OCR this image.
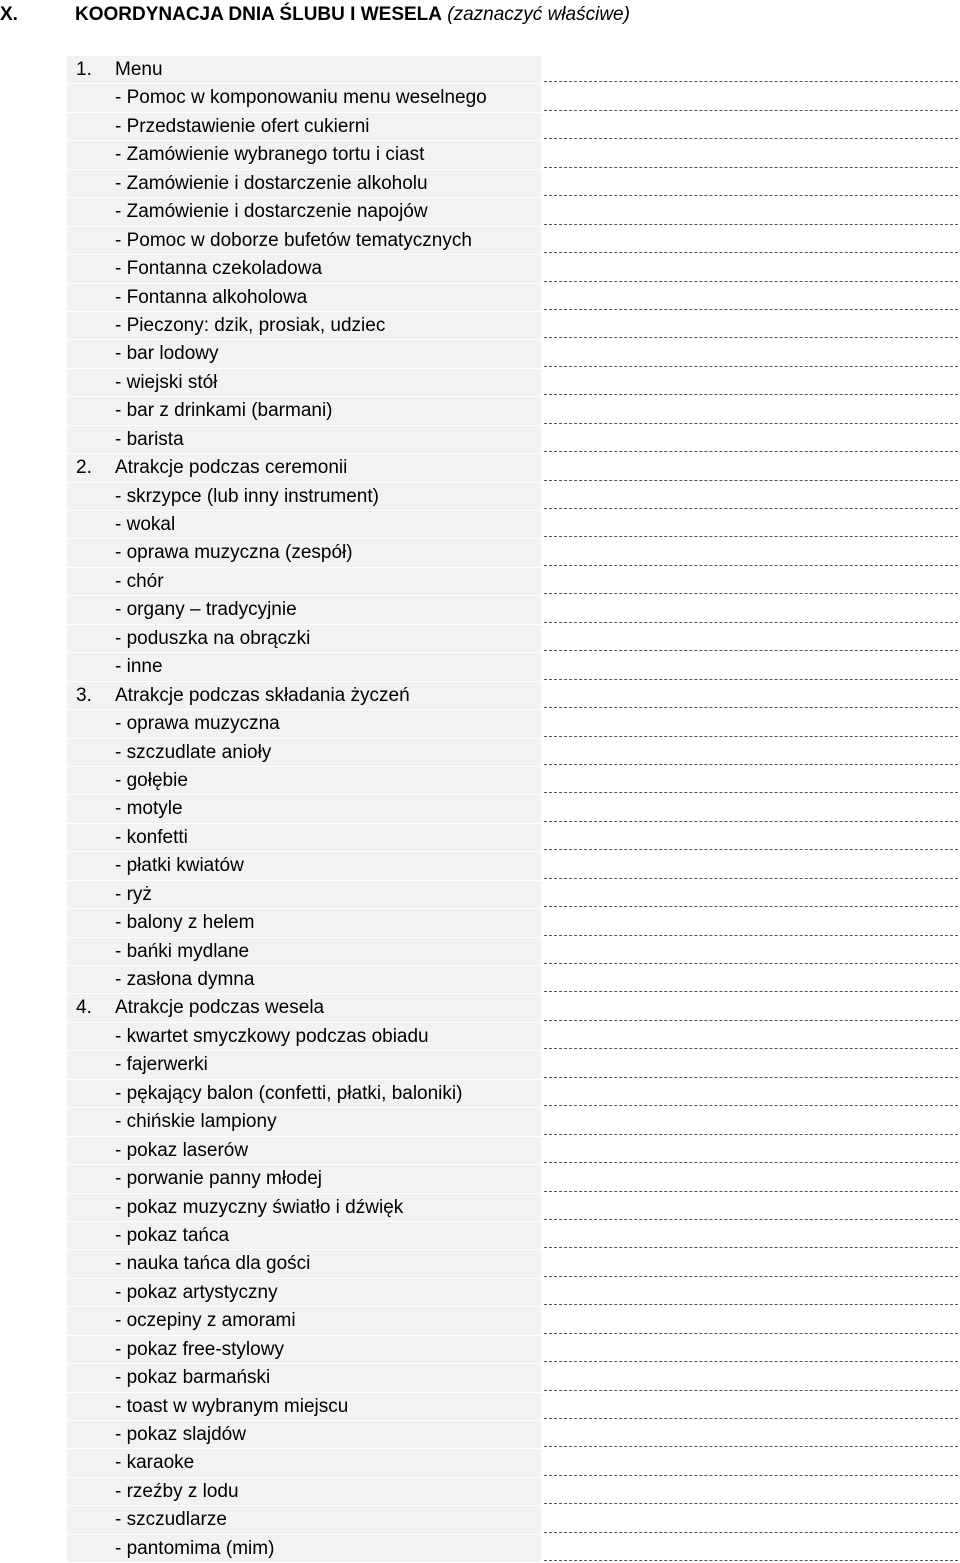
X.	KOORDYNACJA DNIA ŚLUBU I WESELA (zaznaczyć właściwe)
1. Menu
- Pomoc w komponowaniu menu weselnego
- Przedstawienie ofert cukierni
- Zamówienie wybranego tortu i ciast
- Zamówienie i dostarczenie alkoholu
- Zamówienie i dostarczenie napojów
- Pomoc w doborze bufetów tematycznych
- Fontanna czekoladowa
- Fontanna alkoholowa
- Pieczony: dzik, prosiak, udziec
- bar lodowy
- wiejski stół
- bar z drinkami (barmani)
- barista
2. Atrakcje podczas ceremonii
- skrzypce (lub inny instrument)
- wokal
- oprawa muzyczna (zespół)
- chór
- organy – tradycyjnie
- poduszka na obrączki
- inne
3. Atrakcje podczas składania życzeń
- oprawa muzyczna
- szczudlate anioły
- gołębie
- motyle
- konfetti
- płatki kwiatów
- ryż
- balony z helem
- bańki mydlane
- zasłona dymna
4. Atrakcje podczas wesela
- kwartet smyczkowy podczas obiadu
- fajerwerki
- pękający balon (confetti, płatki, baloniki)
- chińskie lampiony
- pokaz laserów
- porwanie panny młodej
- pokaz muzyczny światło i dźwięk
- pokaz tańca
- nauka tańca dla gości
- pokaz artystyczny
- oczepiny z amorami
- pokaz free-stylowy
- pokaz barmański
- toast w wybranym miejscu
- pokaz slajdów
- karaoke
- rzeźby z lodu
- szczudlarze
- pantomima (mim)
